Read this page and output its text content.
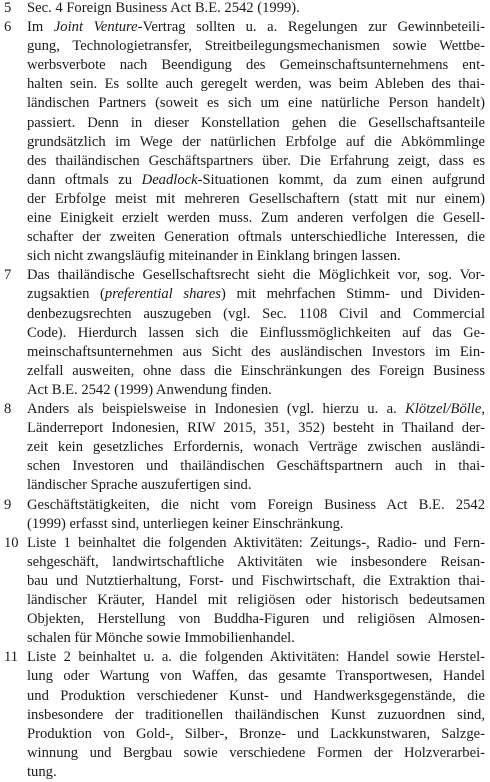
5	Sec. 4 Foreign Business Act B.E. 2542 (1999).
6	Im Joint Venture-Vertrag sollten u. a. Regelungen zur Gewinnbeteili-
gung, Technologietransfer, Streitbeilegungsmechanismen sowie Wettbe-
werbsverbote nach Beendigung des Gemeinschaftsunternehmens ent-
halten sein. Es sollte auch geregelt werden, was beim Ableben des thai-
ländischen Partners (soweit es sich um eine natürliche Person handelt)
passiert. Denn in dieser Konstellation gehen die Gesellschaftsanteile
grundsätzlich im Wege der natürlichen Erbfolge auf die Abkömmlinge
des thailändischen Geschäftspartners über. Die Erfahrung zeigt, dass es
dann oftmals zu Deadlock-Situationen kommt, da zum einen aufgrund
der Erbfolge meist mit mehreren Gesellschaftern (statt mit nur einem)
eine Einigkeit erzielt werden muss. Zum anderen verfolgen die Gesell-
schafter der zweiten Generation oftmals unterschiedliche Interessen, die
sich nicht zwangsläufig miteinander in Einklang bringen lassen.
7	Das thailändische Gesellschaftsrecht sieht die Möglichkeit vor, sog. Vor-
zugsaktien (preferential shares) mit mehrfachen Stimm- und Dividen-
denbezugsrechten auszugeben (vgl. Sec. 1108 Civil and Commercial
Code). Hierdurch lassen sich die Einflussmöglichkeiten auf das Ge-
meinschaftsunternehmen aus Sicht des ausländischen Investors im Ein-
zelfall ausweiten, ohne dass die Einschränkungen des Foreign Business
Act B.E. 2542 (1999) Anwendung finden.
8	Anders als beispielsweise in Indonesien (vgl. hierzu u. a. Klötzel/Bölle,
Länderreport Indonesien, RIW 2015, 351, 352) besteht in Thailand der-
zeit kein gesetzliches Erfordernis, wonach Verträge zwischen ausländi-
schen Investoren und thailändischen Geschäftspartnern auch in thai-
ländischer Sprache auszufertigen sind.
9	Geschäftstätigkeiten, die nicht vom Foreign Business Act B.E. 2542
(1999) erfasst sind, unterliegen keiner Einschränkung.
10 Liste 1 beinhaltet die folgenden Aktivitäten: Zeitungs-, Radio- und Fern-
sehgeschäft, landwirtschaftliche Aktivitäten wie insbesondere Reisan-
bau und Nutztierhaltung, Forst- und Fischwirtschaft, die Extraktion thai-
ländischer Kräuter, Handel mit religiösen oder historisch bedeutsamen
Objekten, Herstellung von Buddha-Figuren und religiösen Almosen-
schalen für Mönche sowie Immobilienhandel.
11 Liste 2 beinhaltet u. a. die folgenden Aktivitäten: Handel sowie Herstel-
lung oder Wartung von Waffen, das gesamte Transportwesen, Handel
und Produktion verschiedener Kunst- und Handwerksgegenstände, die
insbesondere der traditionellen thailändischen Kunst zuzuordnen sind,
Produktion von Gold-, Silber-, Bronze- und Lackkunstwaren, Salzge-
winnung und Bergbau sowie verschiedene Formen der Holzverarbei-
tung.
